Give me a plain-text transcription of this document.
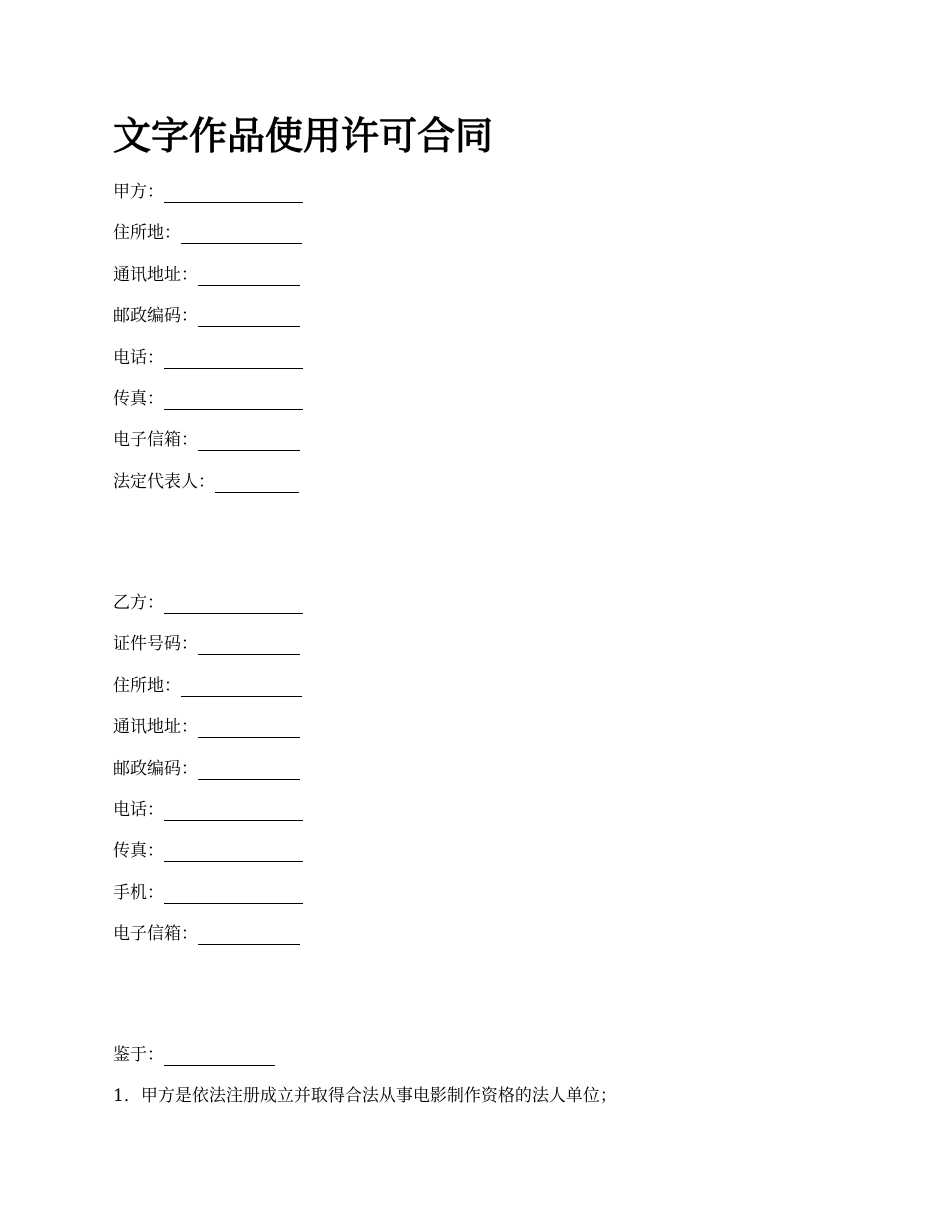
文字作品使用许可合同
甲方：
住所地：
通讯地址：
邮政编码：
电话：
传真：
电子信箱：
法定代表人：
乙方：
证件号码：
住所地：
通讯地址：
邮政编码：
电话：
传真：
手机：
电子信箱：
鉴于：
1．甲方是依法注册成立并取得合法从事电影制作资格的法人单位；
